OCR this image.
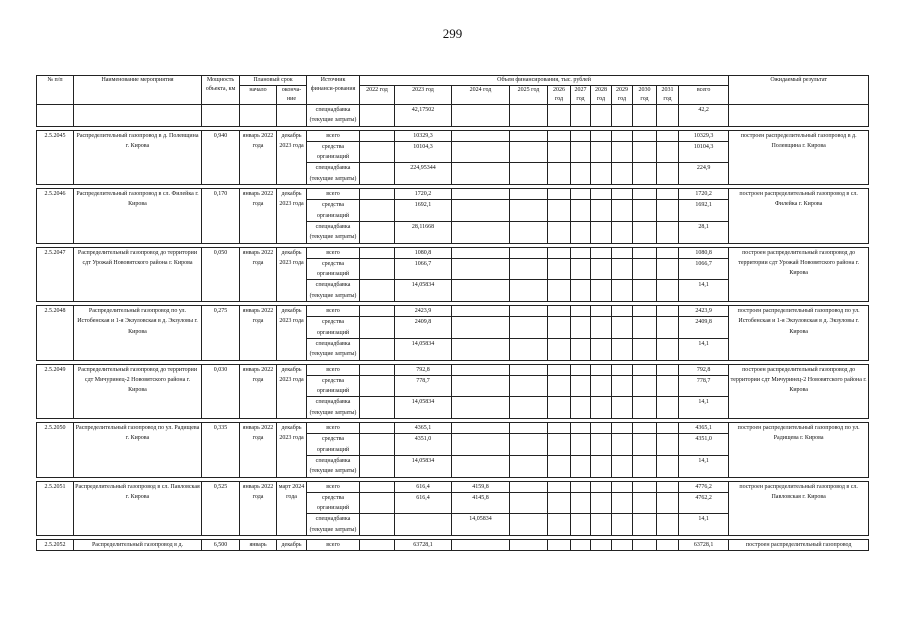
299
№ п/п	Наименование мероприятия	Мощность объекта, км	Плановый срок		Источник финанси-рования	Объем финансирования, тыс. рублей											Ожидаемый результат
			начало	оконча-ние		2022 год	2023 год	2024 год	2025 год	2026 год	2027 год	2028 год	2029 год	2030 год	2031 год	всего	
					спецнадбавка (текущие затраты)		42,17502									42,2	

2.5.2045	Распределительный газопровод в д. Полевщина г. Кирова	0,940	январь 2022 года	декабрь 2023 года	всего		10329,3									10329,3	построен распределительный газопровод в д. Полевщина г. Кирова
					средства организаций		10104,3									10104,3	
					спецнадбавка (текущие затраты)		224,95344									224,9	

2.5.2046	Распределительный газопровод в сл. Филейка г. Кирова	0,170	январь 2022 года	декабрь 2023 года	всего		1720,2									1720,2	построен распределительный газопровод в сл. Филейка г. Кирова
					средства организаций		1692,1									1692,1	
					спецнадбавка (текущие затраты)		28,11668									28,1	

2.5.2047	Распределительный газопровод до территории сдт Урожай Нововятского района г. Кирова	0,050	январь 2022 года	декабрь 2023 года	всего		1080,8									1080,8	построен распределительный газопровод до территории сдт Урожай Нововятского района г. Кирова
					средства организаций		1066,7									1066,7	
					спецнадбавка (текущие затраты)		14,05834									14,1	

2.5.2048	Распределительный газопровод по ул. Истобенская и 1-я Экзуловская в д. Экзуловы г. Кирова	0,275	январь 2022 года	декабрь 2023 года	всего		2423,9									2423,9	построен распределительный газопровод по ул. Истобенская и 1-я Экзуловская в д. Экзуловы г. Кирова
					средства организаций		2409,8									2409,8	
					спецнадбавка (текущие затраты)		14,05834									14,1	

2.5.2049	Распределительный газопровод до территории сдт Мичуринец-2 Нововятского района г. Кирова	0,030	январь 2022 года	декабрь 2023 года	всего		792,8									792,8	построен распределительный газопровод до территории сдт Мичуринец-2 Нововятского района г. Кирова
					средства организаций		778,7									778,7	
					спецнадбавка (текущие затраты)		14,05834									14,1	

2.5.2050	Распределительный газопровод по ул. Радищева г. Кирова	0,335	январь 2022 года	декабрь 2023 года	всего		4365,1									4365,1	построен распределительный газопровод по ул. Радищева г. Кирова
					средства организаций		4351,0									4351,0	
					спецнадбавка (текущие затраты)		14,05834									14,1	

2.5.2051	Распределительный газопровод в сл. Павловская г. Кирова	0,525	январь 2022 года	март 2024 года	всего		616,4	4159,8								4776,2	построен распределительный газопровод в сл. Павловская г. Кирова
					средства организаций		616,4	4145,8								4762,2	
					спецнадбавка (текущие затраты)			14,05834								14,1	

2.5.2052	Распределительный газопровод в д.	6,500	январь	декабрь	всего		63728,1									63728,1	построен распределительный газопровод
